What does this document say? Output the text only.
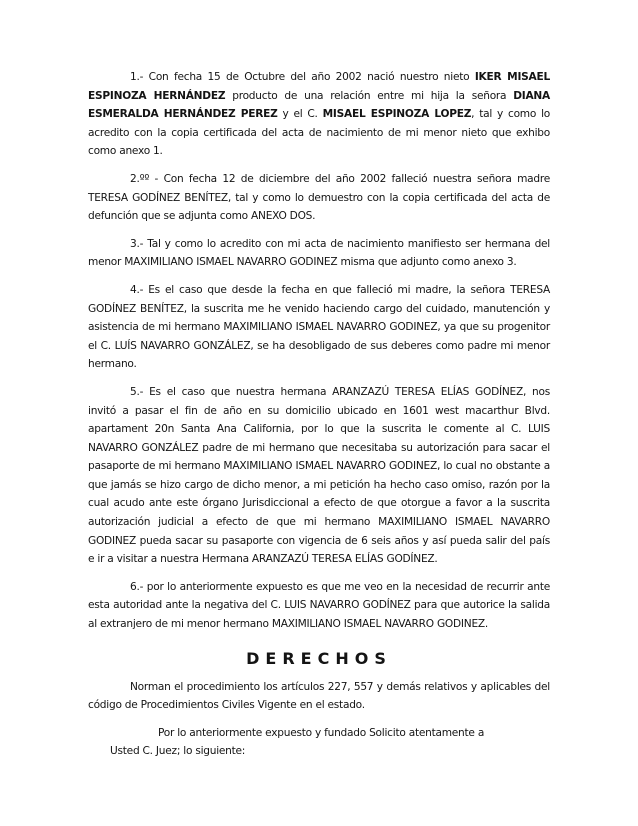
1.- Con fecha 15 de Octubre del año 2002 nació nuestro nieto IKER MISAEL ESPINOZA HERNÁNDEZ producto de una relación entre mi hija la señora DIANA ESMERALDA HERNÁNDEZ PEREZ y el C. MISAEL ESPINOZA LOPEZ, tal y como lo acredito con la copia certificada del acta de nacimiento de mi menor nieto que exhibo como anexo 1.

2.ºº - Con fecha 12 de diciembre del año 2002 falleció nuestra señora madre TERESA GODÍNEZ BENÍTEZ, tal y como lo demuestro con la copia certificada del acta de defunción que se adjunta como ANEXO DOS.

3.- Tal y como lo acredito con mi acta de nacimiento manifiesto ser hermana del menor MAXIMILIANO ISMAEL NAVARRO GODINEZ misma que adjunto como anexo 3.

4.- Es el caso que desde la fecha en que falleció mi madre, la señora TERESA GODÍNEZ BENÍTEZ, la suscrita me he venido haciendo cargo del cuidado, manutención y asistencia de mi hermano MAXIMILIANO ISMAEL NAVARRO GODINEZ, ya que su progenitor el C. LUÍS NAVARRO GONZÁLEZ, se ha desobligado de sus deberes como padre mi menor hermano.

5.- Es el caso que nuestra hermana ARANZAZÚ TERESA ELÍAS GODÍNEZ, nos invitó a pasar el fin de año en su domicilio ubicado en 1601 west macarthur Blvd. apartament 20n Santa Ana California, por lo que la suscrita le comente al C. LUIS NAVARRO GONZÁLEZ padre de mi hermano que necesitaba su autorización para sacar el pasaporte de mi hermano MAXIMILIANO ISMAEL NAVARRO GODINEZ, lo cual no obstante a que jamás se hizo cargo de dicho menor, a mi petición ha hecho caso omiso, razón por la cual acudo ante este órgano Jurisdiccional a efecto de que otorgue a favor a la suscrita autorización judicial a efecto de que mi hermano MAXIMILIANO ISMAEL NAVARRO GODINEZ pueda sacar su pasaporte con vigencia de 6 seis años y así pueda salir del país e ir a visitar a nuestra Hermana ARANZAZÚ TERESA ELÍAS GODÍNEZ.

6.- por lo anteriormente expuesto es que me veo en la necesidad de recurrir ante esta autoridad ante la negativa del C. LUIS NAVARRO GODÍNEZ para que autorice la salida al extranjero de mi menor hermano MAXIMILIANO ISMAEL NAVARRO GODINEZ.

DERECHOS

Norman el procedimiento los artículos 227, 557 y demás relativos y aplicables del código de Procedimientos Civiles Vigente en el estado.

Por lo anteriormente expuesto y fundado Solicito atentamente a
Usted C. Juez; lo siguiente:
